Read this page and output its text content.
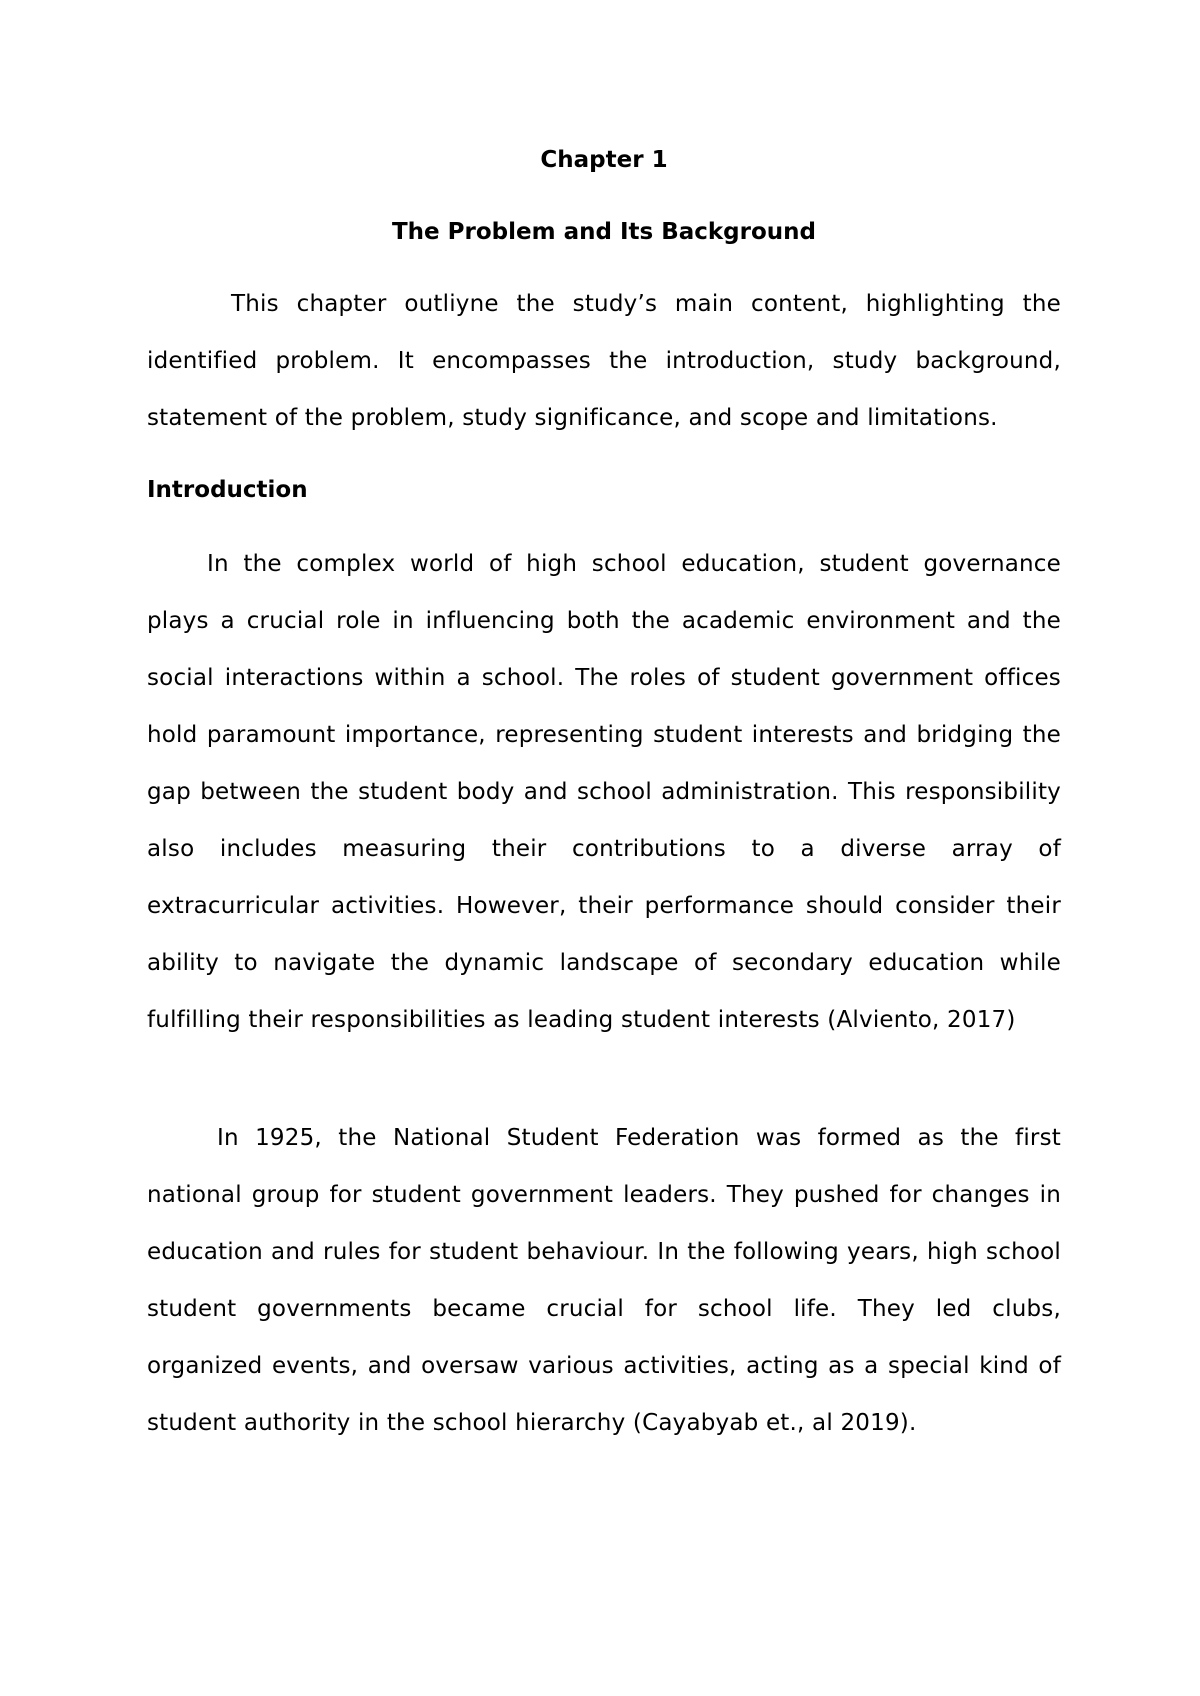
Chapter 1
The Problem and Its Background

This chapter outliyne the study’s main content, highlighting the identified problem. It encompasses the introduction, study background, statement of the problem, study significance, and scope and limitations.

Introduction

In the complex world of high school education, student governance plays a crucial role in influencing both the academic environment and the social interactions within a school. The roles of student government offices hold paramount importance, representing student interests and bridging the gap between the student body and school administration. This responsibility also includes measuring their contributions to a diverse array of extracurricular activities. However, their performance should consider their ability to navigate the dynamic landscape of secondary education while fulfilling their responsibilities as leading student interests (Alviento, 2017)

In 1925, the National Student Federation was formed as the first national group for student government leaders. They pushed for changes in education and rules for student behaviour. In the following years, high school student governments became crucial for school life. They led clubs, organized events, and oversaw various activities, acting as a special kind of student authority in the school hierarchy (Cayabyab et., al 2019).
